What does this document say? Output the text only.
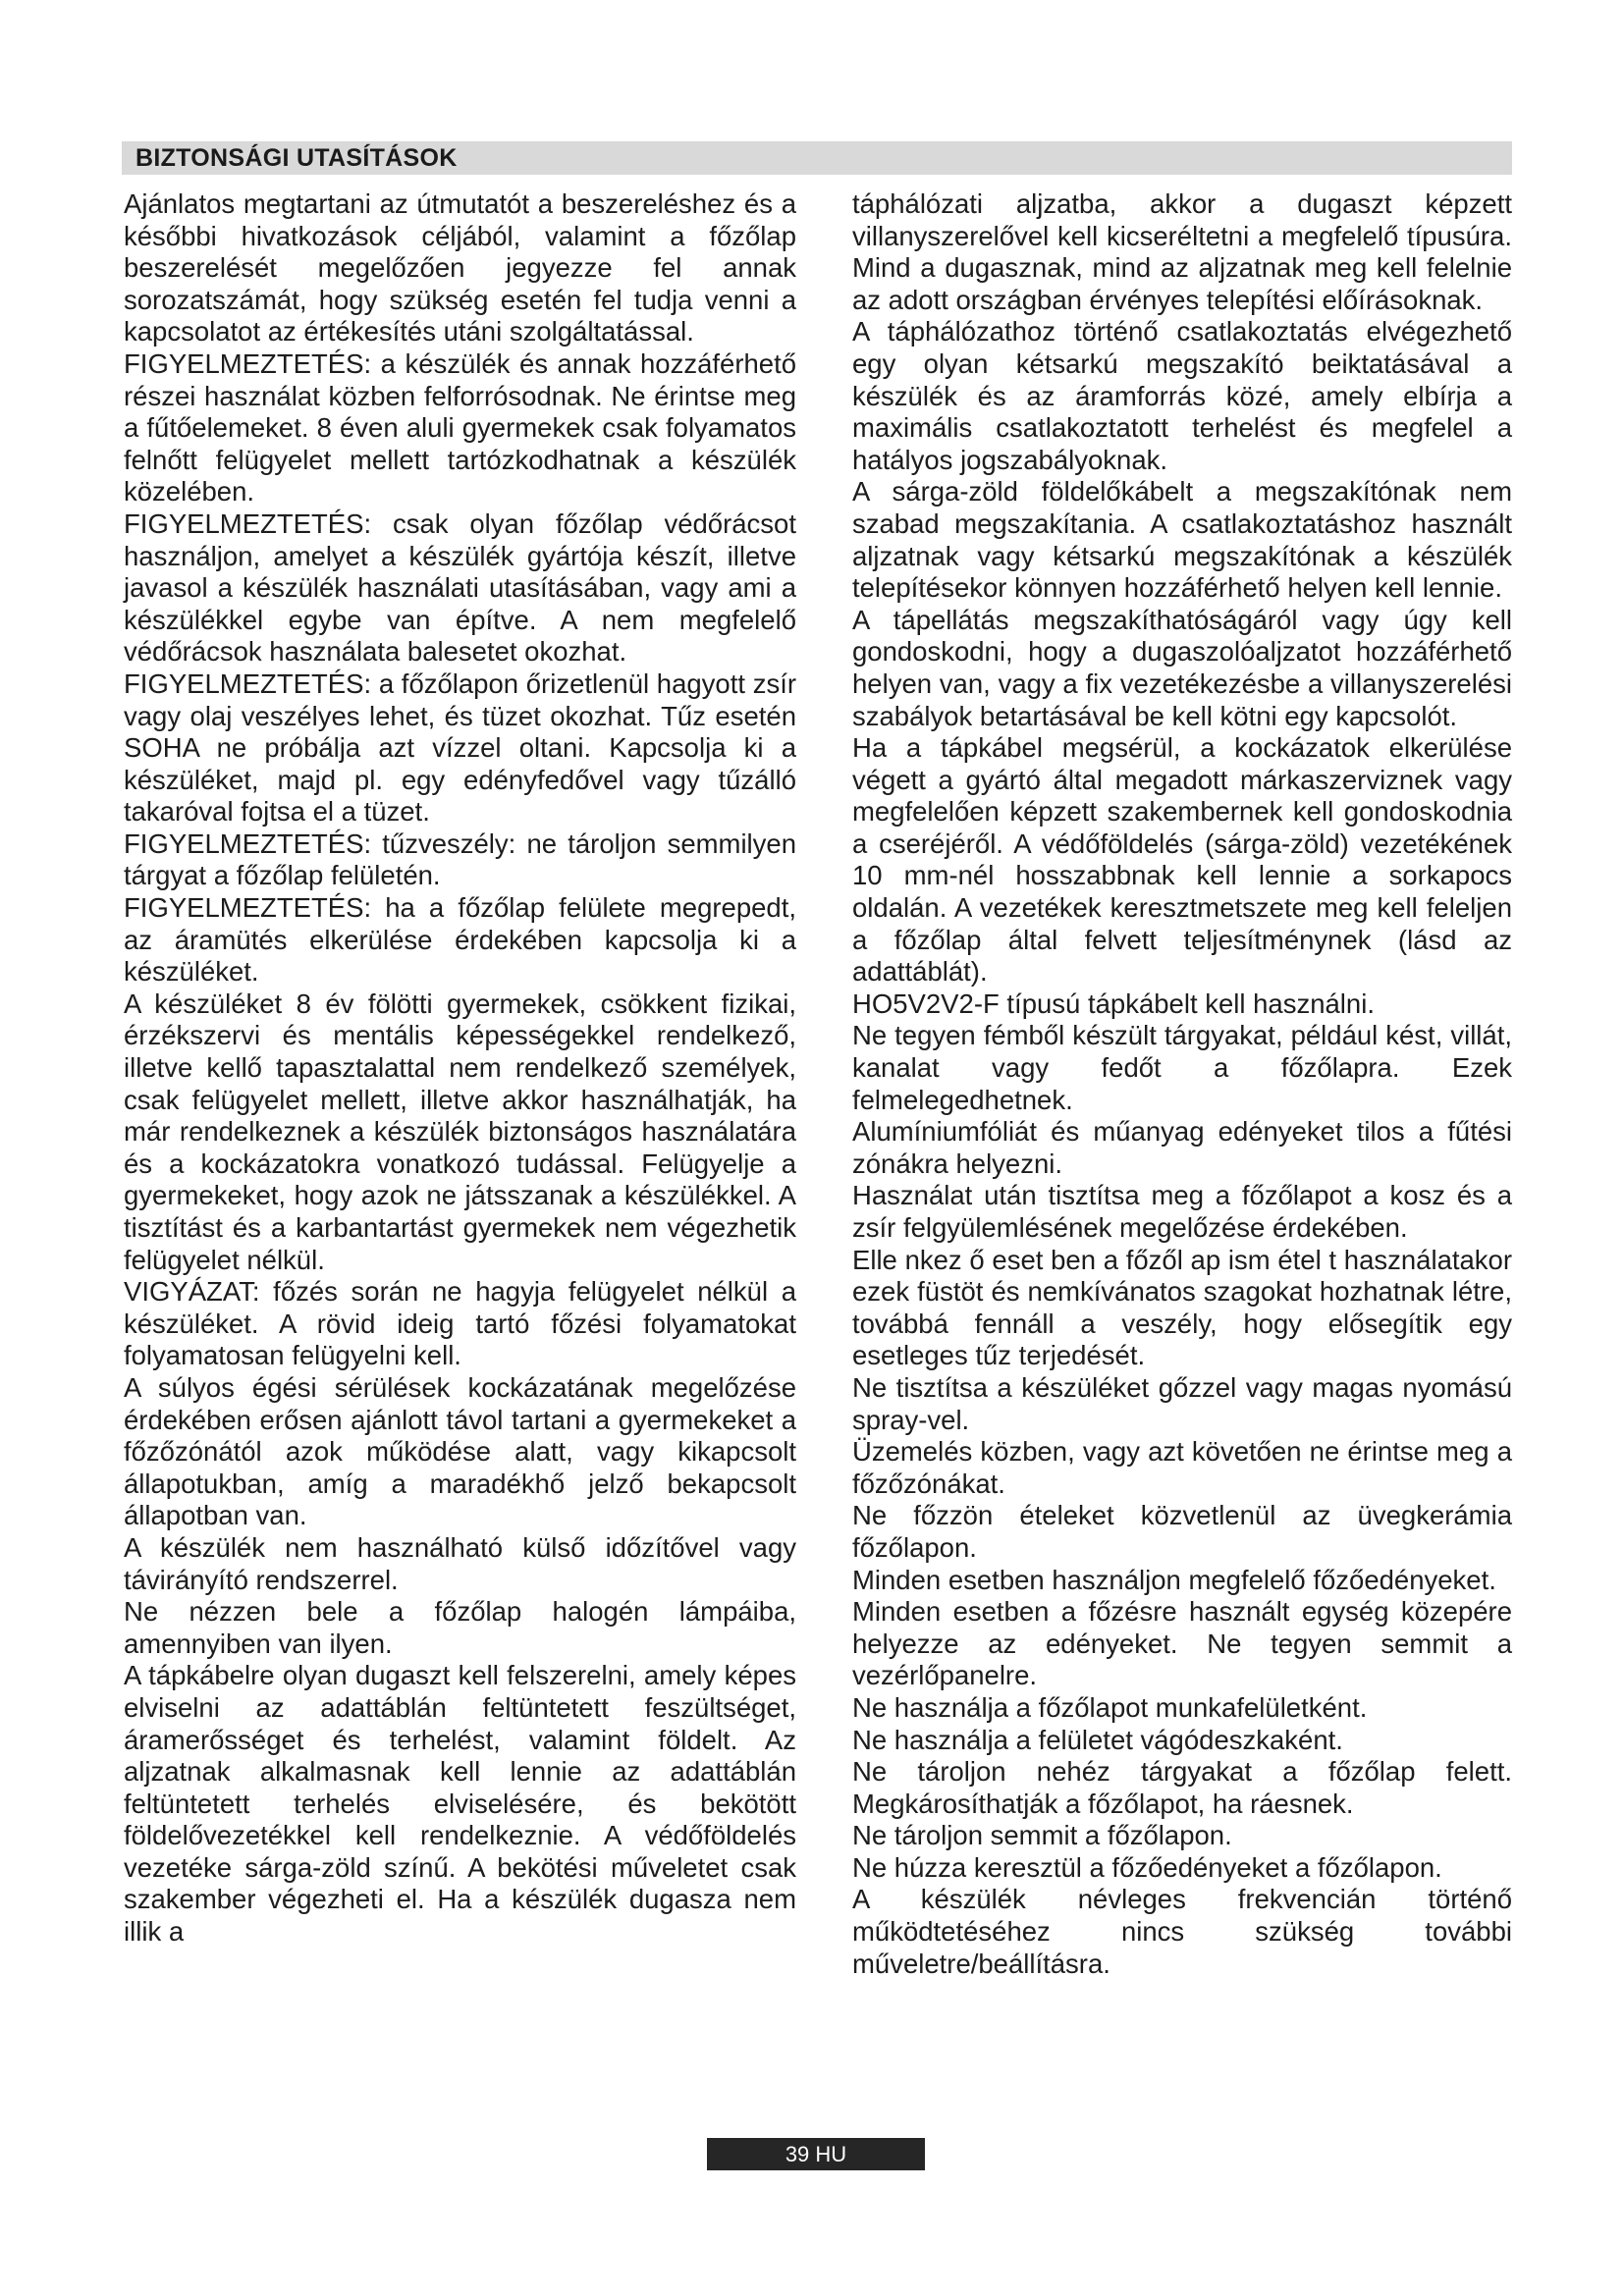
BIZTONSÁGI UTASÍTÁSOK

Ajánlatos megtartani az útmutatót a beszereléshez és a későbbi hivatkozások céljából, valamint a főzőlap beszerelését megelőzően jegyezze fel annak sorozatszámát, hogy szükség esetén fel tudja venni a kapcsolatot az értékesítés utáni szolgáltatással.

FIGYELMEZTETÉS: a készülék és annak hozzáférhető részei használat közben felforrósodnak. Ne érintse meg a fűtőelemeket. 8 éven aluli gyermekek csak folyamatos felnőtt felügyelet mellett tartózkodhatnak a készülék közelében.

FIGYELMEZTETÉS: csak olyan főzőlap védőrácsot használjon, amelyet a készülék gyártója készít, illetve javasol a készülék használati utasításában, vagy ami a készülékkel egybe van építve. A nem megfelelő védőrácsok használata balesetet okozhat.

FIGYELMEZTETÉS: a főzőlapon őrizetlenül hagyott zsír vagy olaj veszélyes lehet, és tüzet okozhat. Tűz esetén SOHA ne próbálja azt vízzel oltani. Kapcsolja ki a készüléket, majd pl. egy edényfedővel vagy tűzálló takaróval fojtsa el a tüzet.

FIGYELMEZTETÉS: tűzveszély: ne tároljon semmilyen tárgyat a főzőlap felületén.

FIGYELMEZTETÉS: ha a főzőlap felülete megrepedt, az áramütés elkerülése érdekében kapcsolja ki a készüléket.

A készüléket 8 év fölötti gyermekek, csökkent fizikai, érzékszervi és mentális képességekkel rendelkező, illetve kellő tapasztalattal nem rendelkező személyek, csak felügyelet mellett, illetve akkor használhatják, ha már rendelkeznek a készülék biztonságos használatára és a kockázatokra vonatkozó tudással. Felügyelje a gyermekeket, hogy azok ne játsszanak a készülékkel. A tisztítást és a karbantartást gyermekek nem végezhetik felügyelet nélkül.

VIGYÁZAT: főzés során ne hagyja felügyelet nélkül a készüléket. A rövid ideig tartó főzési folyamatokat folyamatosan felügyelni kell.

A súlyos égési sérülések kockázatának megelőzése érdekében erősen ajánlott távol tartani a gyermekeket a főzőzónától azok működése alatt, vagy kikapcsolt állapotukban, amíg a maradékhő jelző bekapcsolt állapotban van.

A készülék nem használható külső időzítővel vagy távirányító rendszerrel.

Ne nézzen bele a főzőlap halogén lámpáiba, amennyiben van ilyen.

A tápkábelre olyan dugaszt kell felszerelni, amely képes elviselni az adattáblán feltüntetett feszültséget, áramerősséget és terhelést, valamint földelt. Az aljzatnak alkalmasnak kell lennie az adattáblán feltüntetett terhelés elviselésére, és bekötött földelővezetékkel kell rendelkeznie. A védőföldelés vezetéke sárga-zöld színű. A bekötési műveletet csak szakember végezheti el. Ha a készülék dugasza nem illik a

táphálózati aljzatba, akkor a dugaszt képzett villanyszerelővel kell kicseréltetni a megfelelő típusúra. Mind a dugasznak, mind az aljzatnak meg kell felelnie az adott országban érvényes telepítési előírásoknak.

A táphálózathoz történő csatlakoztatás elvégezhető egy olyan kétsarkú megszakító beiktatásával a készülék és az áramforrás közé, amely elbírja a maximális csatlakoztatott terhelést és megfelel a hatályos jogszabályoknak.

A sárga-zöld földelőkábelt a megszakítónak nem szabad megszakítania. A csatlakoztatáshoz használt aljzatnak vagy kétsarkú megszakítónak a készülék telepítésekor könnyen hozzáférhető helyen kell lennie.

A tápellátás megszakíthatóságáról vagy úgy kell gondoskodni, hogy a dugaszolóaljzatot hozzáférhető helyen van, vagy a fix vezetékezésbe a villanyszerelési szabályok betartásával be kell kötni egy kapcsolót.

Ha a tápkábel megsérül, a kockázatok elkerülése végett a gyártó által megadott márkaszerviznek vagy megfelelően képzett szakembernek kell gondoskodnia a cseréjéről. A védőföldelés (sárga-zöld) vezetékének 10 mm-nél hosszabbnak kell lennie a sorkapocs oldalán. A vezetékek keresztmetszete meg kell feleljen a főzőlap által felvett teljesítménynek (lásd az adattáblát).

HO5V2V2-F típusú tápkábelt kell használni.

Ne tegyen fémből készült tárgyakat, például kést, villát, kanalat vagy fedőt a főzőlapra. Ezek felmelegedhetnek.

Alumíniumfóliát és műanyag edényeket tilos a fűtési zónákra helyezni.

Használat után tisztítsa meg a főzőlapot a kosz és a zsír felgyülemlésének megelőzése érdekében.

Elle nkez ő eset ben a főzől ap ism étel t használatakor ezek füstöt és nemkívánatos szagokat hozhatnak létre, továbbá fennáll a veszély, hogy elősegítik egy esetleges tűz terjedését.

Ne tisztítsa a készüléket gőzzel vagy magas nyomású spray-vel.

Üzemelés közben, vagy azt követően ne érintse meg a főzőzónákat.

Ne főzzön ételeket közvetlenül az üvegkerámia főzőlapon.

Minden esetben használjon megfelelő főzőedényeket.

Minden esetben a főzésre használt egység közepére helyezze az edényeket. Ne tegyen semmit a vezérlőpanelre.

Ne használja a főzőlapot munkafelületként.

Ne használja a felületet vágódeszkaként.

Ne tároljon nehéz tárgyakat a főzőlap felett. Megkárosíthatják a főzőlapot, ha ráesnek.

Ne tároljon semmit a főzőlapon.

Ne húzza keresztül a főzőedényeket a főzőlapon.

A készülék névleges frekvencián történő működtetéséhez nincs szükség további műveletre/beállításra.

39 HU
